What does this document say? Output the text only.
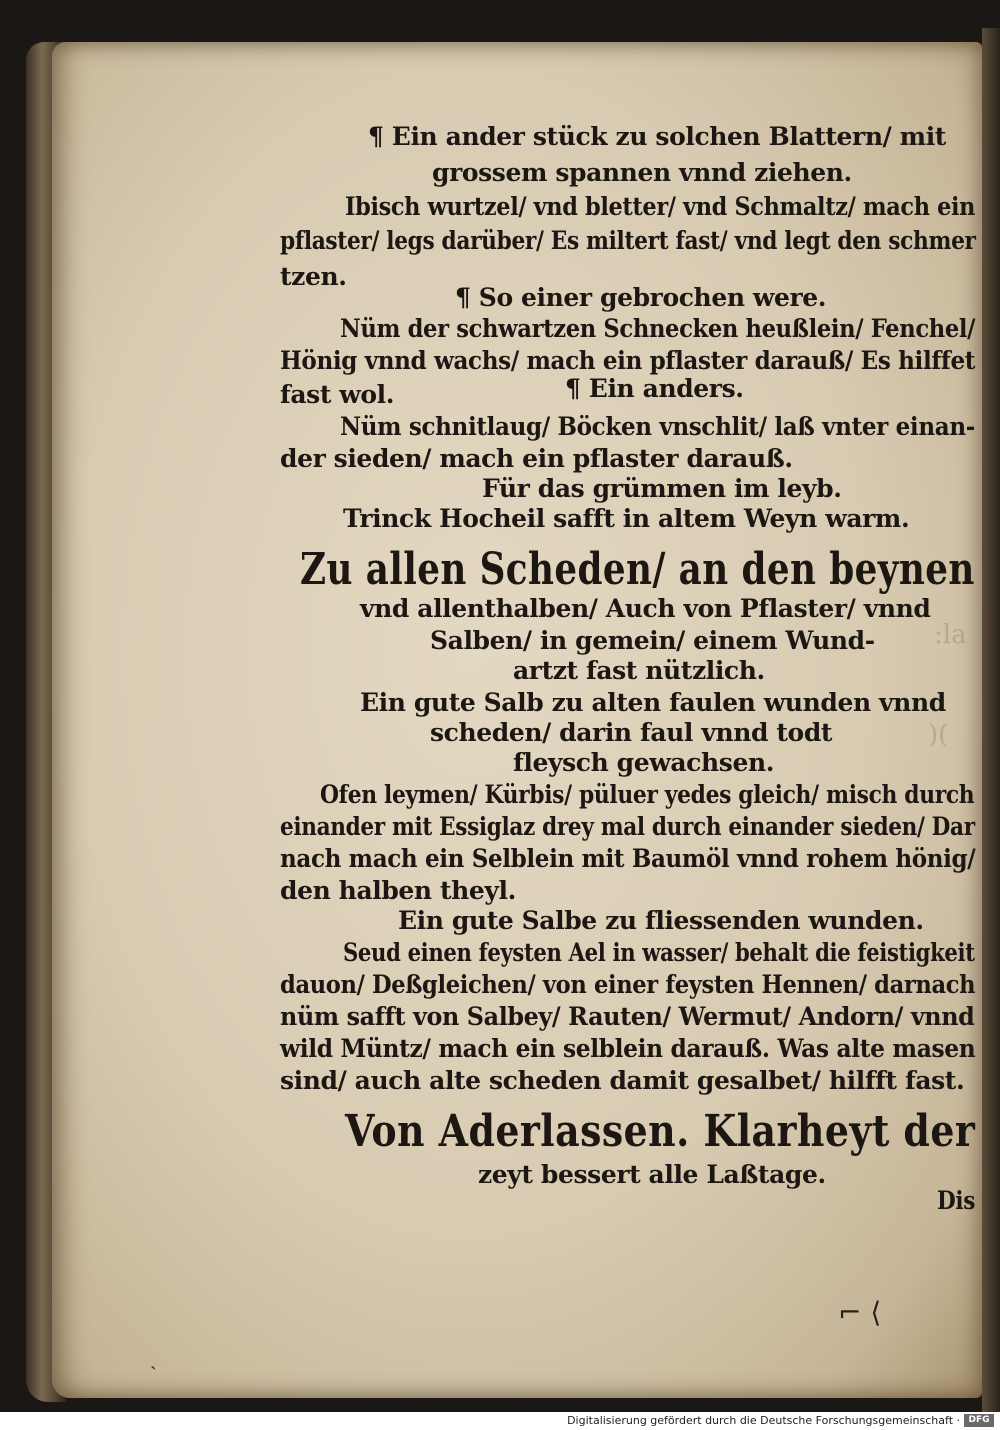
:la
)(
¶ Ein ander stück zu solchen Blattern/ mit
grossem spannen vnnd ziehen.
Ibisch wurtzel/ vnd bletter/ vnd Schmaltz/ mach ein
pflaster/ legs darüber/ Es miltert fast/ vnd legt den schmer
tzen.
¶ So einer gebrochen were.
Nüm der schwartzen Schnecken heußlein/ Fenchel/
Hönig vnnd wachs/ mach ein pflaster darauß/ Es hilffet
fast wol.	¶ Ein anders.
Nüm schnitlaug/ Böcken vnschlit/ laß vnter einan-
der sieden/ mach ein pflaster darauß.
Für das grümmen im leyb.
Trinck Hocheil safft in altem Weyn warm.
Zu allen Scheden/ an den beynen
vnd allenthalben/ Auch von Pflaster/ vnnd
Salben/ in gemein/ einem Wund-
artzt fast nützlich.
Ein gute Salb zu alten faulen wunden vnnd
scheden/ darin faul vnnd todt
fleysch gewachsen.
Ofen leymen/ Kürbis/ püluer yedes gleich/ misch durch
einander mit Essiglaz drey mal durch einander sieden/ Dar
nach mach ein Selblein mit Baumöl vnnd rohem hönig/
den halben theyl.
Ein gute Salbe zu fliessenden wunden.
Seud einen feysten Ael in wasser/ behalt die feistigkeit
dauon/ Deßgleichen/ von einer feysten Hennen/ darnach
nüm safft von Salbey/ Rauten/ Wermut/ Andorn/ vnnd
wild Müntz/ mach ein selblein darauß. Was alte masen
sind/ auch alte scheden damit gesalbet/ hilfft fast.
Von Aderlassen. Klarheyt der
zeyt bessert alle Laßtage.
Dis
⌐ ⟨
ˎ
Digitalisierung gefördert durch die Deutsche Forschungsgemeinschaft · DFG
